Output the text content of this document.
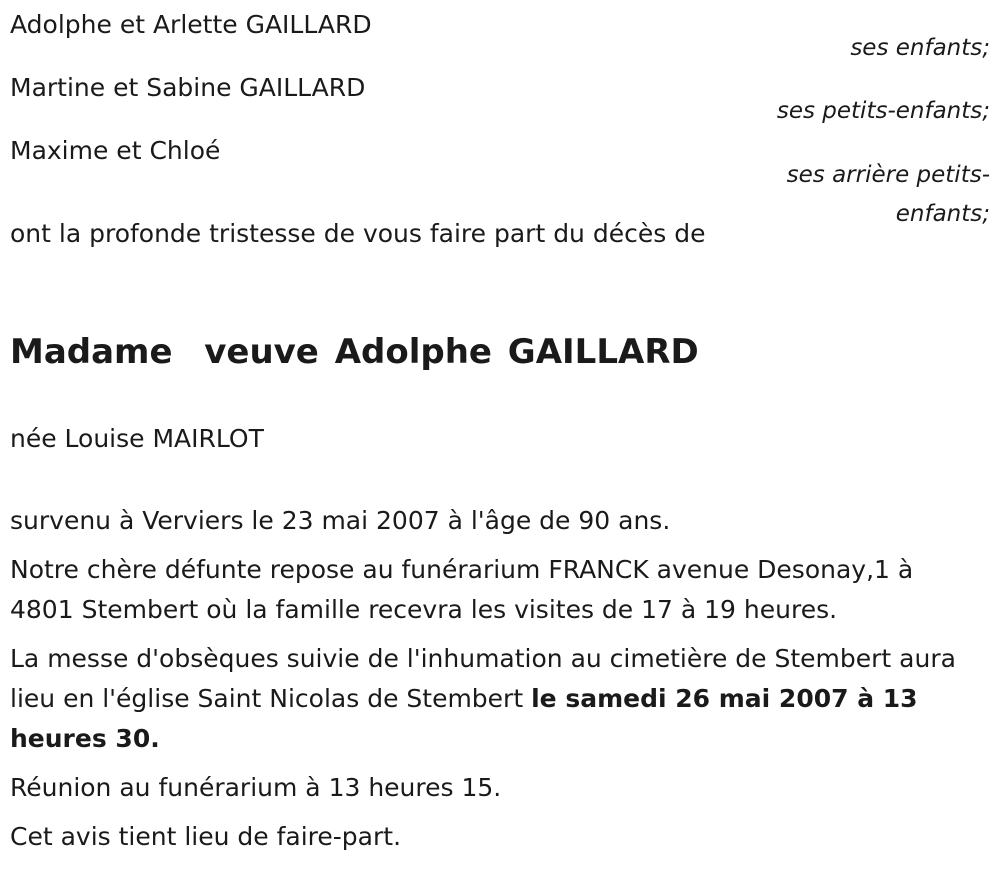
Adolphe et Arlette GAILLARD
Martine et Sabine GAILLARD
Maxime et Chloé
ses enfants;
ses petits-enfants;
ses arrière petits-enfants;
ont la profonde tristesse de vous faire part du décès de
Madame  veuve Adolphe GAILLARD
née Louise MAIRLOT

survenu à Verviers le 23 mai 2007 à l'âge de 90 ans.

Notre chère défunte repose au funérarium FRANCK avenue Desonay,1 à 4801 Stembert où la famille recevra les visites de 17 à 19 heures.

La messe d'obsèques suivie de l'inhumation au cimetière de Stembert aura lieu en l'église Saint Nicolas de Stembert le samedi 26 mai 2007 à 13 heures 30.

Réunion au funérarium à 13 heures 15.

Cet avis tient lieu de faire-part.
